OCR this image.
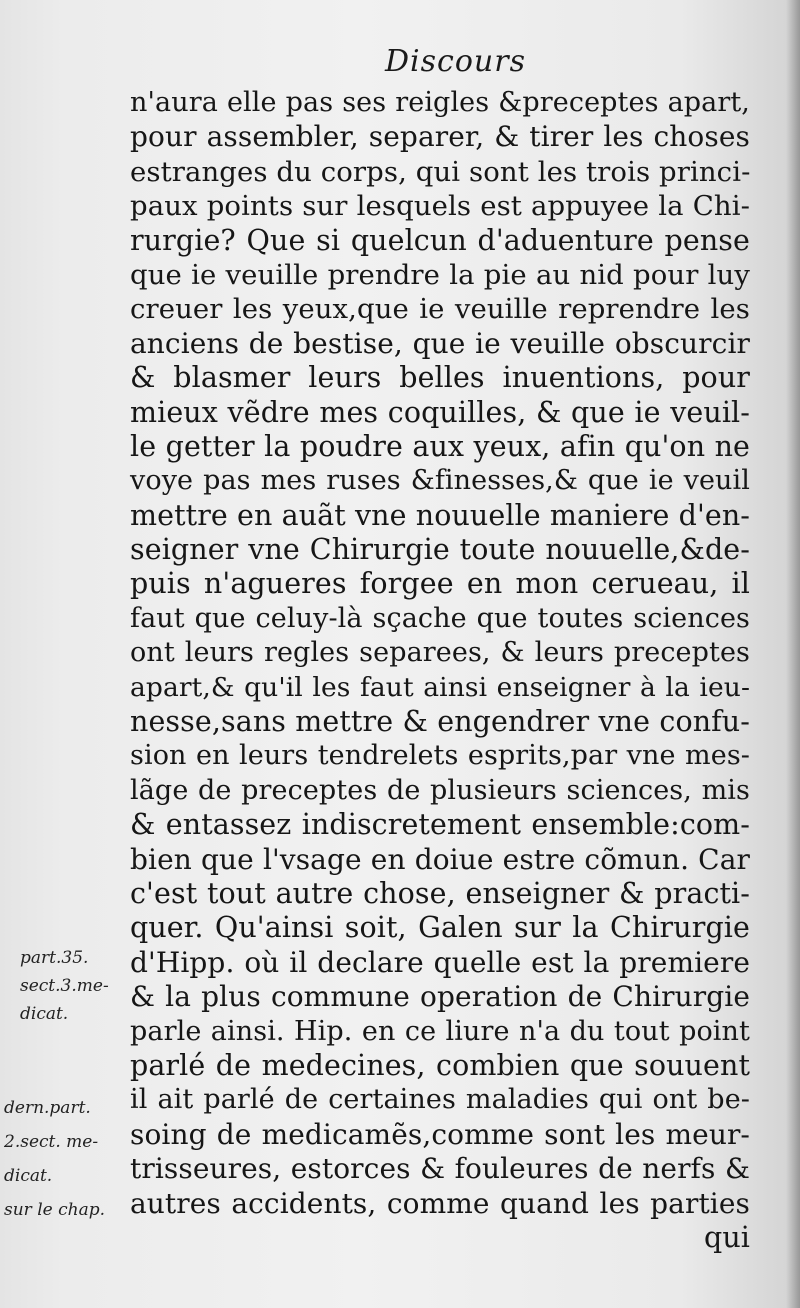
Discours
n'aura elle pas ses reigles &preceptes apart,
pour assembler, separer, & tirer les choses
estranges du corps, qui sont les trois princi-
paux points sur lesquels est appuyee la Chi-
rurgie? Que si quelcun d'aduenture pense
que ie veuille prendre la pie au nid pour luy
creuer les yeux,que ie veuille reprendre les
anciens de bestise, que ie veuille obscurcir
& blasmer leurs belles inuentions, pour
mieux vẽdre mes coquilles, & que ie veuil-
le getter la poudre aux yeux, afin qu'on ne
voye pas mes ruses &finesses,& que ie veuil
mettre en auãt vne nouuelle maniere d'en-
seigner vne Chirurgie toute nouuelle,&de-
puis n'agueres forgee en mon cerueau, il
faut que celuy-là sçache que toutes sciences
ont leurs regles separees, & leurs preceptes
apart,& qu'il les faut ainsi enseigner à la ieu-
nesse,sans mettre & engendrer vne confu-
sion en leurs tendrelets esprits,par vne mes-
lãge de preceptes de plusieurs sciences, mis
& entassez indiscretement ensemble:com-
bien que l'vsage en doiue estre cõmun. Car
c'est tout autre chose, enseigner & practi-
quer. Qu'ainsi soit, Galen sur la Chirurgie
d'Hipp. où il declare quelle est la premiere
& la plus commune operation de Chirurgie
parle ainsi. Hip. en ce liure n'a du tout point
parlé de medecines, combien que souuent
il ait parlé de certaines maladies qui ont be-
soing de medicamẽs,comme sont les meur-
trisseures, estorces & fouleures de nerfs &
autres accidents, comme quand les parties
qui
part.35.
sect.3.me-
dicat.
dern.part.
2.sect. me-
dicat.
sur le chap.
